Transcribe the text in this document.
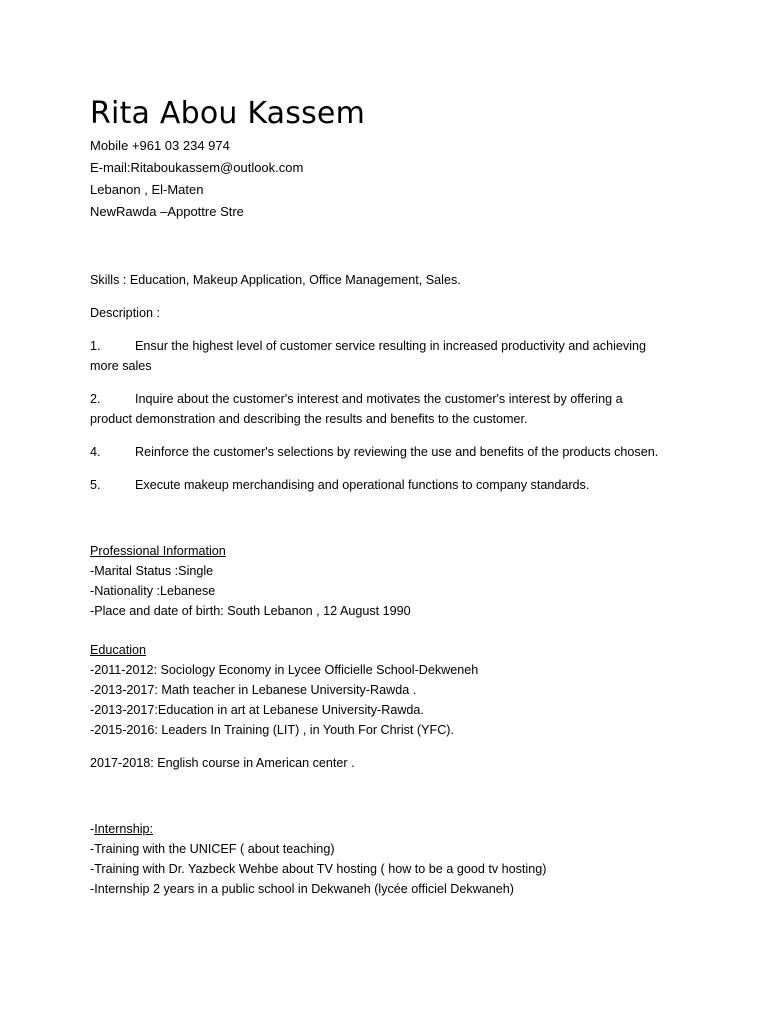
Rita Abou Kassem
Mobile +961 03 234 974
E-mail:Ritaboukassem@outlook.com
Lebanon , El-Maten
NewRawda –Appottre Stre
Skills : Education, Makeup Application, Office Management, Sales.
Description :
1.	Ensur the highest level of customer service resulting in increased productivity and achieving
more sales
2.	Inquire about the customer's interest and motivates the customer's interest by offering a
product demonstration and describing the results and benefits to the customer.
4.	Reinforce the customer's selections by reviewing the use and benefits of the products chosen.
5.	Execute makeup merchandising and operational functions to company standards.
Professional Information
-Marital Status :Single
-Nationality :Lebanese
-Place and date of birth: South Lebanon , 12 August 1990
Education
-2011-2012: Sociology Economy in Lycee Officielle School-Dekweneh
-2013-2017: Math teacher in Lebanese University-Rawda .
-2013-2017:Education in art at Lebanese University-Rawda.
-2015-2016: Leaders In Training (LIT) , in Youth For Christ (YFC).
2017-2018: English course in American center .
-Internship:
-Training with the UNICEF ( about teaching)
-Training with Dr. Yazbeck Wehbe about TV hosting ( how to be a good tv hosting)
-Internship 2 years in a public school in Dekwaneh (lycée officiel Dekwaneh)
